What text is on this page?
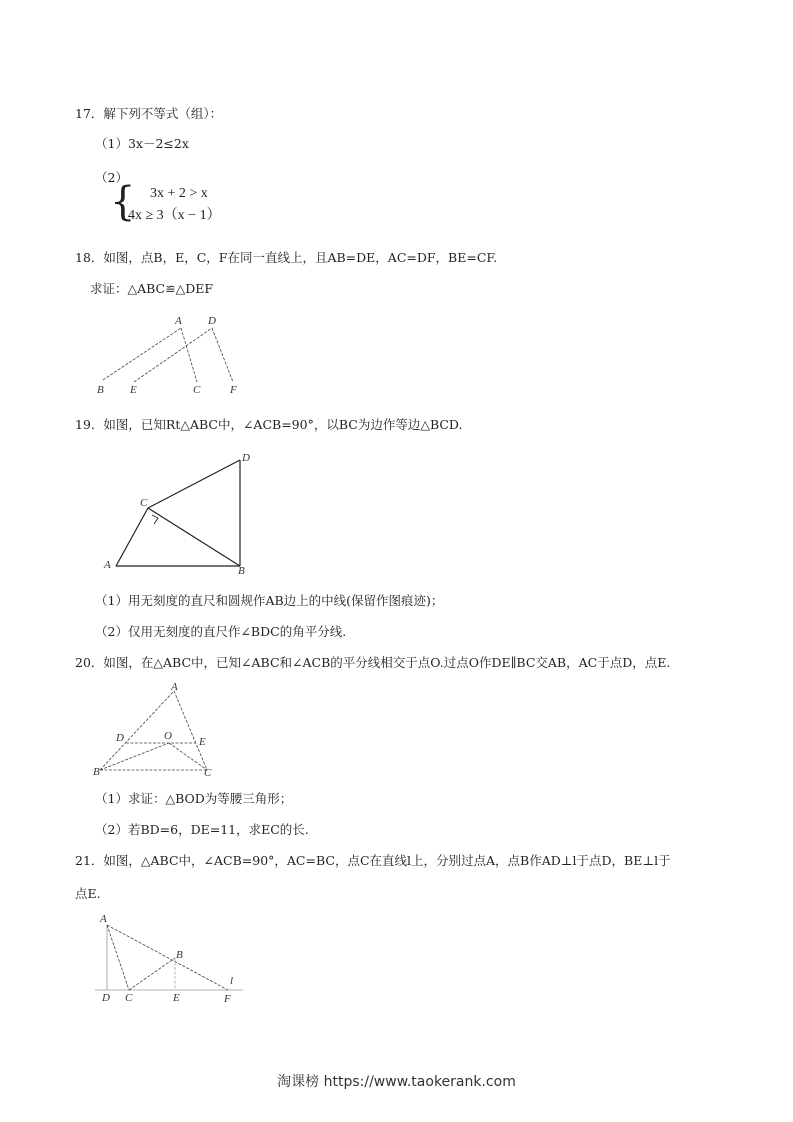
17．解下列不等式（组）：
（1）3x－2≤2x
（2）
{ 3x + 2 > x
4x ≥ 3（x − 1）
18．如图，点B，E，C，F在同一直线上，且AB=DE，AC=DF，BE=CF.
求证：△ABC≌△DEF
A D
B E	C	F
19．如图，已知Rt△ABC中，∠ACB=90°，以BC为边作等边△BCD.
D
C
A	B
（1）用无刻度的直尺和圆规作AB边上的中线(保留作图痕迹)；
（2）仅用无刻度的直尺作∠BDC的角平分线.
20．如图，在△ABC中，已知∠ABC和∠ACB的平分线相交于点O.过点O作DE∥BC交AB，AC于点D，点E.
A
D	O E
B	C
（1）求证：△BOD为等腰三角形；
（2）若BD=6，DE=11，求EC的长.
21．如图，△ABC中，∠ACB=90°，AC=BC，点C在直线l上，分别过点A，点B作AD⊥l于点D，BE⊥l于
点E.
A
B
l
D C	E	F
淘课榜 https://www.taokerank.com
